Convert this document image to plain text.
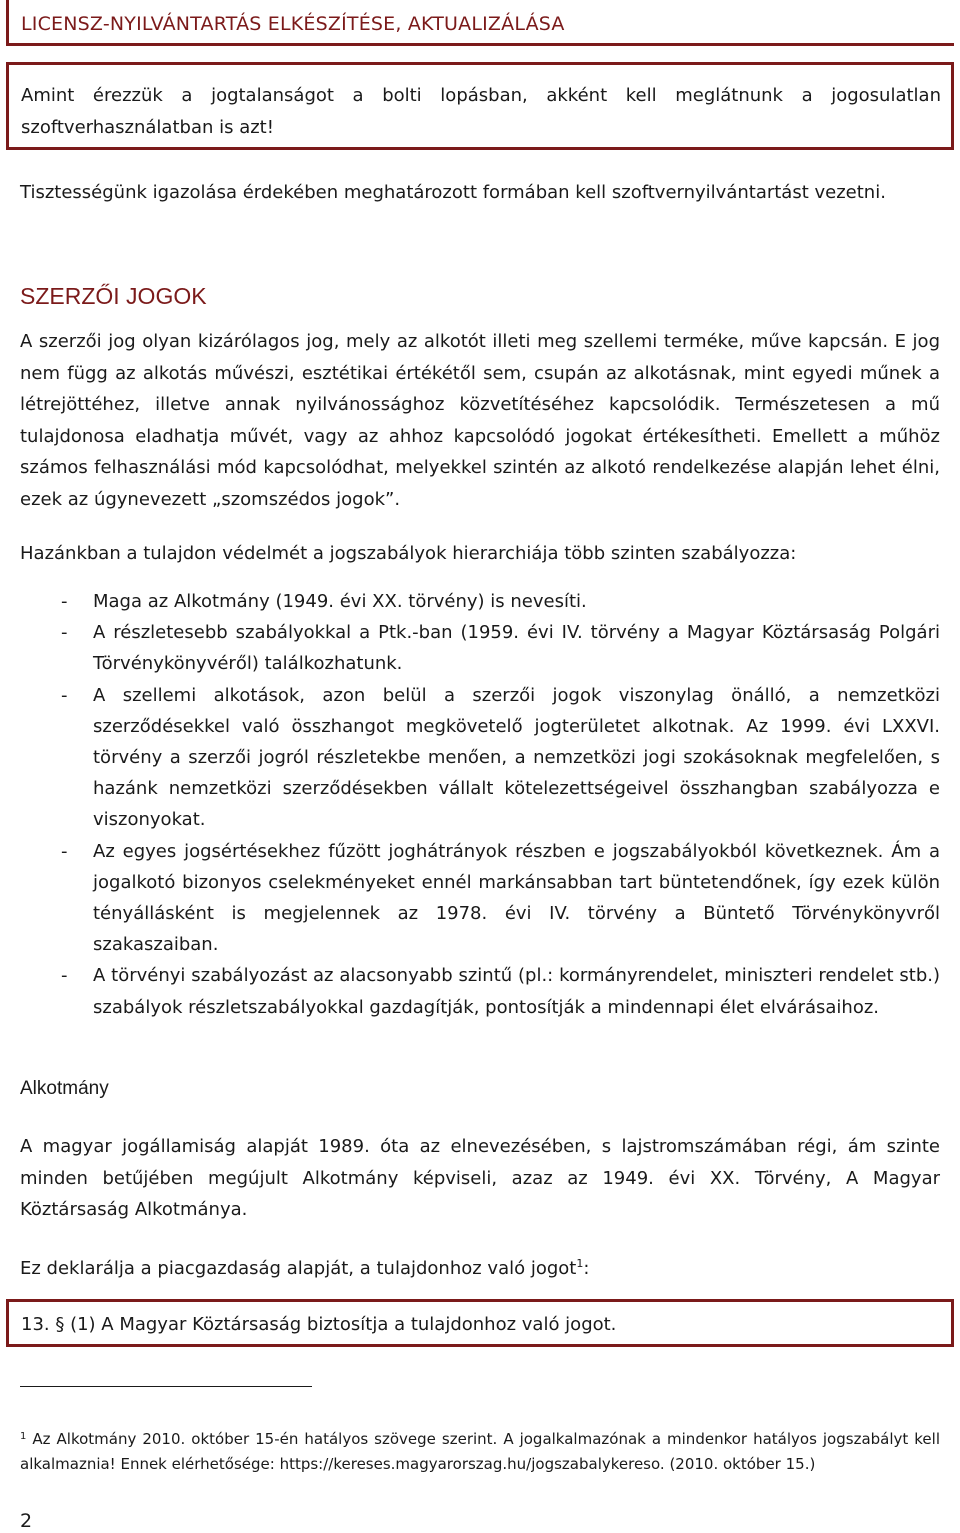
LICENSZ-NYILVÁNTARTÁS ELKÉSZÍTÉSE, AKTUALIZÁLÁSA

Amint érezzük a jogtalanságot a bolti lopásban, akként kell meglátnunk a jogosulatlan szoftverhasználatban is azt!

Tisztességünk igazolása érdekében meghatározott formában kell szoftvernyilvántartást vezetni.

SZERZŐI JOGOK

A szerzői jog olyan kizárólagos jog, mely az alkotót illeti meg szellemi terméke, műve kapcsán. E jog nem függ az alkotás művészi, esztétikai értékétől sem, csupán az alkotásnak, mint egyedi műnek a létrejöttéhez, illetve annak nyilvánossághoz közvetítéséhez kapcsolódik. Természetesen a mű tulajdonosa eladhatja művét, vagy az ahhoz kapcsolódó jogokat értékesítheti. Emellett a műhöz számos felhasználási mód kapcsolódhat, melyekkel szintén az alkotó rendelkezése alapján lehet élni, ezek az úgynevezett „szomszédos jogok”.

Hazánkban a tulajdon védelmét a jogszabályok hierarchiája több szinten szabályozza:

- Maga az Alkotmány (1949. évi XX. törvény) is nevesíti.
- A részletesebb szabályokkal a Ptk.-ban (1959. évi IV. törvény a Magyar Köztársaság Polgári Törvénykönyvéről) találkozhatunk.
- A szellemi alkotások, azon belül a szerzői jogok viszonylag önálló, a nemzetközi szerződésekkel való összhangot megkövetelő jogterületet alkotnak. Az 1999. évi LXXVI. törvény a szerzői jogról részletekbe menően, a nemzetközi jogi szokásoknak megfelelően, s hazánk nemzetközi szerződésekben vállalt kötelezettségeivel összhangban szabályozza e viszonyokat.
- Az egyes jogsértésekhez fűzött joghátrányok részben e jogszabályokból következnek. Ám a jogalkotó bizonyos cselekményeket ennél markánsabban tart büntetendőnek, így ezek külön tényállásként is megjelennek az 1978. évi IV. törvény a Büntető Törvénykönyvről szakaszaiban.
- A törvényi szabályozást az alacsonyabb szintű (pl.: kormányrendelet, miniszteri rendelet stb.) szabályok részletszabályokkal gazdagítják, pontosítják a mindennapi élet elvárásaihoz.
Alkotmány

A magyar jogállamiság alapját 1989. óta az elnevezésében, s lajstromszámában régi, ám szinte minden betűjében megújult Alkotmány képviseli, azaz az 1949. évi XX. Törvény, A Magyar Köztársaság Alkotmánya.

Ez deklarálja a piacgazdaság alapját, a tulajdonhoz való jogot$^1$:

13. § (1) A Magyar Köztársaság biztosítja a tulajdonhoz való jogot.

$^1$ Az Alkotmány 2010. október 15-én hatályos szövege szerint. A jogalkalmazónak a mindenkor hatályos jogszabályt kell alkalmaznia! Ennek elérhetősége: https://kereses.magyarorszag.hu/jogszabalykereso. (2010. október 15.)

2
